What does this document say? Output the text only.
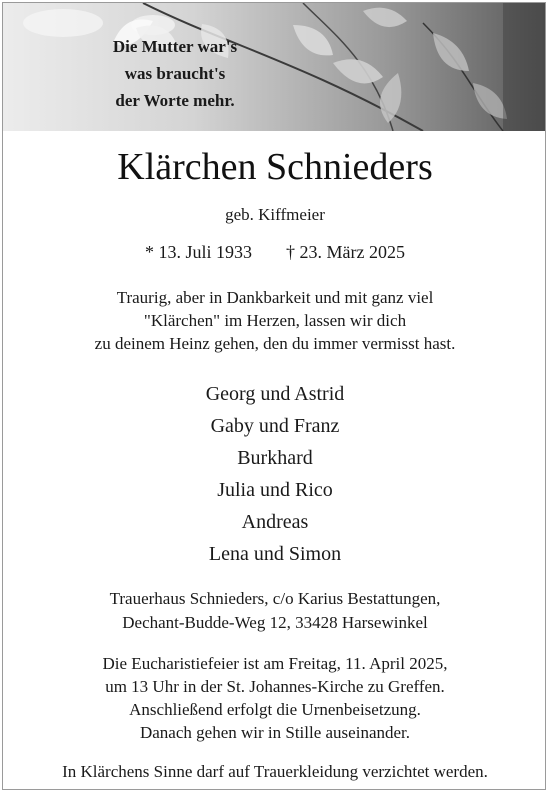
Die Mutter war's
was braucht's
der Worte mehr.
Klärchen Schnieders
geb. Kiffmeier
* 13. Juli 1933 † 23. März 2025
Traurig, aber in Dankbarkeit und mit ganz viel
"Klärchen" im Herzen, lassen wir dich
zu deinem Heinz gehen, den du immer vermisst hast.
Georg und Astrid
Gaby und Franz
Burkhard
Julia und Rico
Andreas
Lena und Simon
Trauerhaus Schnieders, c/o Karius Bestattungen,
Dechant-Budde-Weg 12, 33428 Harsewinkel
Die Eucharistiefeier ist am Freitag, 11. April 2025,
um 13 Uhr in der St. Johannes-Kirche zu Greffen.
Anschließend erfolgt die Urnenbeisetzung.
Danach gehen wir in Stille auseinander.
In Klärchens Sinne darf auf Trauerkleidung verzichtet werden.
